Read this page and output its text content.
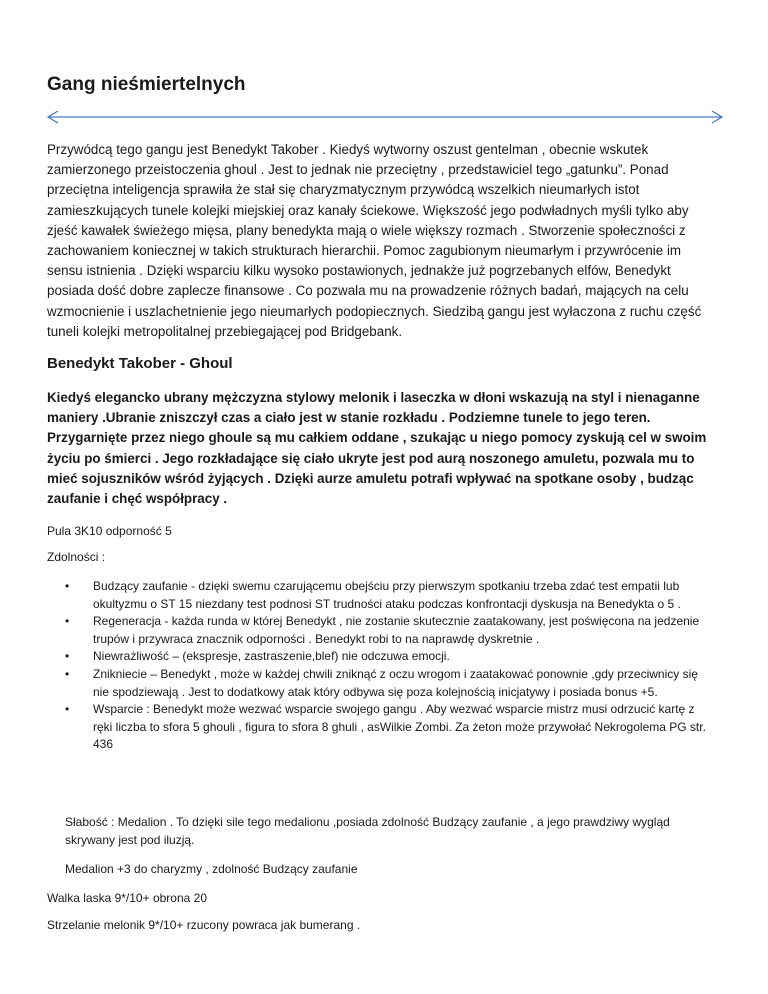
Gang nieśmiertelnych

Przywódcą tego gangu jest Benedykt Takober . Kiedyś wytworny oszust gentelman , obecnie wskutek zamierzonego przeistoczenia ghoul . Jest to jednak nie przeciętny , przedstawiciel tego „gatunku”. Ponad przeciętna inteligencja sprawiła że stał się charyzmatycznym przywódcą wszelkich nieumarłych istot zamieszkujących tunele kolejki miejskiej oraz kanały ściekowe. Większość jego podwładnych myśli tylko aby zjeść kawałek świeżego mięsa, plany benedykta mają o wiele większy rozmach . Stworzenie społeczności z zachowaniem koniecznej w takich strukturach hierarchii. Pomoc zagubionym nieumarłym i przywrócenie im sensu istnienia . Dzięki wsparciu kilku wysoko postawionych, jednakże już pogrzebanych elfów, Benedykt posiada dość dobre zaplecze finansowe . Co pozwala mu na prowadzenie różnych badań, mających na celu wzmocnienie i uszlachetnienie jego nieumarłych podopiecznych. Siedzibą gangu jest wyłaczona z ruchu część tuneli kolejki metropolitalnej przebiegającej pod Bridgebank.

Benedykt Takober - Ghoul

Kiedyś elegancko ubrany mężczyzna stylowy melonik i laseczka w dłoni wskazują na styl i nienaganne maniery .Ubranie zniszczył czas a ciało jest w stanie rozkładu . Podziemne tunele to jego teren. Przygarnięte przez niego ghoule są mu całkiem oddane , szukając u niego pomocy zyskują cel w swoim życiu po śmierci . Jego rozkładające się ciało ukryte jest pod aurą noszonego amuletu, pozwala mu to mieć sojuszników wśród żyjących . Dzięki aurze amuletu potrafi wpływać na spotkane osoby , budząc zaufanie i chęć współpracy .

Pula 3K10 odporność 5

Zdolności :

• Budzący zaufanie - dzięki swemu czarującemu obejściu przy pierwszym spotkaniu trzeba zdać test empatii lub okultyzmu o ST 15 niezdany test podnosi ST trudności ataku podczas konfrontacji dyskusja na Benedykta o 5 .
• Regeneracja - każda runda w której Benedykt , nie zostanie skutecznie zaatakowany, jest poświęcona na jedzenie trupów i przywraca znacznik odporności . Benedykt robi to na naprawdę dyskretnie .
• Niewrażliwość – (ekspresje, zastraszenie,blef) nie odczuwa emocji.
• Znikniecie – Benedykt , może w każdej chwili zniknąć z oczu wrogom i zaatakować ponownie ,gdy przeciwnicy się nie spodziewają . Jest to dodatkowy atak który odbywa się poza kolejnością inicjatywy i posiada bonus +5.
• Wsparcie : Benedykt może wezwać wsparcie swojego gangu . Aby wezwać wsparcie mistrz musi odrzucić kartę z ręki liczba to sfora 5 ghouli , figura to sfora 8 ghuli , asWilkie Zombi. Za żeton może przywołać Nekrogolema PG str. 436

Słabość : Medalion . To dzięki sile tego medalionu ,posiada zdolność Budzący zaufanie , a jego prawdziwy wygląd skrywany jest pod iluzją.

Medalion +3 do charyzmy , zdolność Budzący zaufanie

Walka laska 9*/10+ obrona 20

Strzelanie melonik 9*/10+ rzucony powraca jak bumerang .
